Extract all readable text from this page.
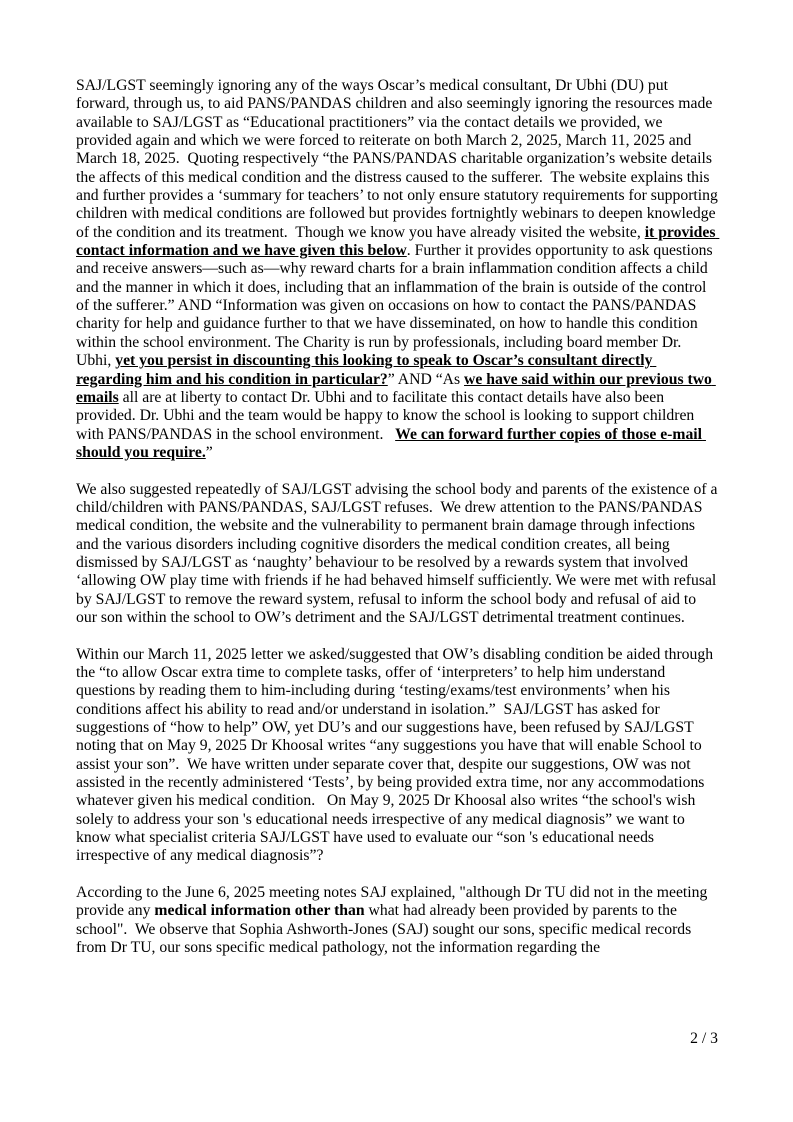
SAJ/LGST seemingly ignoring any of the ways Oscar’s medical consultant, Dr Ubhi (DU) put forward, through us, to aid PANS/PANDAS children and also seemingly ignoring the resources made available to SAJ/LGST as “Educational practitioners” via the contact details we provided, we provided again and which we were forced to reiterate on both March 2, 2025, March 11, 2025 and March 18, 2025.  Quoting respectively “the PANS/PANDAS charitable organization’s website details the affects of this medical condition and the distress caused to the sufferer.  The website explains this and further provides a ‘summary for teachers’ to not only ensure statutory requirements for supporting children with medical conditions are followed but provides fortnightly webinars to deepen knowledge of the condition and its treatment.  Though we know you have already visited the website, it provides contact information and we have given this below. Further it provides opportunity to ask questions and receive answers—such as—why reward charts for a brain inflammation condition affects a child and the manner in which it does, including that an inflammation of the brain is outside of the control of the sufferer.” AND “Information was given on occasions on how to contact the PANS/PANDAS charity for help and guidance further to that we have disseminated, on how to handle this condition within the school environment. The Charity is run by professionals, including board member Dr. Ubhi, yet you persist in discounting this looking to speak to Oscar’s consultant directly regarding him and his condition in particular?” AND “As we have said within our previous two emails all are at liberty to contact Dr. Ubhi and to facilitate this contact details have also been provided. Dr. Ubhi and the team would be happy to know the school is looking to support children with PANS/PANDAS in the school environment.   We can forward further copies of those e-mail should you require.”

We also suggested repeatedly of SAJ/LGST advising the school body and parents of the existence of a child/children with PANS/PANDAS, SAJ/LGST refuses.  We drew attention to the PANS/PANDAS medical condition, the website and the vulnerability to permanent brain damage through infections and the various disorders including cognitive disorders the medical condition creates, all being dismissed by SAJ/LGST as ‘naughty’ behaviour to be resolved by a rewards system that involved ‘allowing OW play time with friends if he had behaved himself sufficiently. We were met with refusal by SAJ/LGST to remove the reward system, refusal to inform the school body and refusal of aid to our son within the school to OW’s detriment and the SAJ/LGST detrimental treatment continues.

Within our March 11, 2025 letter we asked/suggested that OW’s disabling condition be aided through the “to allow Oscar extra time to complete tasks, offer of ‘interpreters’ to help him understand questions by reading them to him-including during ‘testing/exams/test environments’ when his conditions affect his ability to read and/or understand in isolation.”  SAJ/LGST has asked for suggestions of “how to help” OW, yet DU’s and our suggestions have, been refused by SAJ/LGST noting that on May 9, 2025 Dr Khoosal writes “any suggestions you have that will enable School to assist your son”.  We have written under separate cover that, despite our suggestions, OW was not assisted in the recently administered ‘Tests’, by being provided extra time, nor any accommodations whatever given his medical condition.   On May 9, 2025 Dr Khoosal also writes “the school's wish solely to address your son 's educational needs irrespective of any medical diagnosis” we want to know what specialist criteria SAJ/LGST have used to evaluate our “son 's educational needs irrespective of any medical diagnosis”?

According to the June 6, 2025 meeting notes SAJ explained, "although Dr TU did not in the meeting provide any medical information other than what had already been provided by parents to the school".  We observe that Sophia Ashworth-Jones (SAJ) sought our sons, specific medical records from Dr TU, our sons specific medical pathology, not the information regarding the

2 / 3
